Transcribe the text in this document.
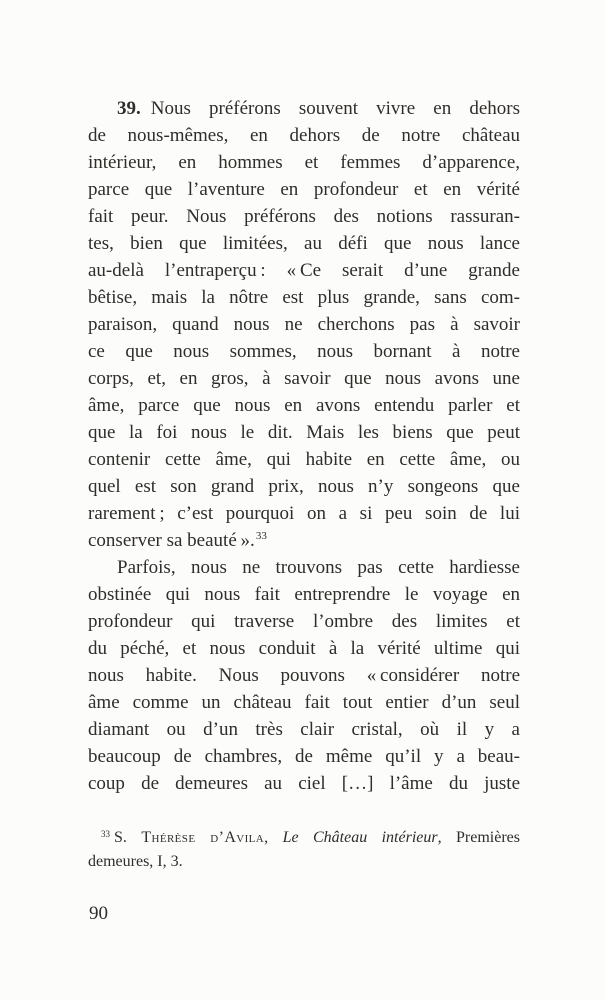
39. Nous préférons souvent vivre en dehors
de nous-mêmes, en dehors de notre château
intérieur, en hommes et femmes d’apparence,
parce que l’aventure en profondeur et en vérité
fait peur. Nous préférons des notions rassuran-
tes, bien que limitées, au défi que nous lance
au-delà l’entraperçu : « Ce serait d’une grande
bêtise, mais la nôtre est plus grande, sans com-
paraison, quand nous ne cherchons pas à savoir
ce que nous sommes, nous bornant à notre
corps, et, en gros, à savoir que nous avons une
âme, parce que nous en avons entendu parler et
que la foi nous le dit. Mais les biens que peut
contenir cette âme, qui habite en cette âme, ou
quel est son grand prix, nous n’y songeons que
rarement ; c’est pourquoi on a si peu soin de lui
conserver sa beauté ».$^{33}$
Parfois, nous ne trouvons pas cette hardiesse
obstinée qui nous fait entreprendre le voyage en
profondeur qui traverse l’ombre des limites et
du péché, et nous conduit à la vérité ultime qui
nous habite. Nous pouvons « considérer notre
âme comme un château fait tout entier d’un seul
diamant ou d’un très clair cristal, où il y a
beaucoup de chambres, de même qu’il y a beau-
coup de demeures au ciel […] l’âme du juste
$^{33}$ S. Thérèse d’Avila, Le Château intérieur, Premières
demeures, I, 3.
90
